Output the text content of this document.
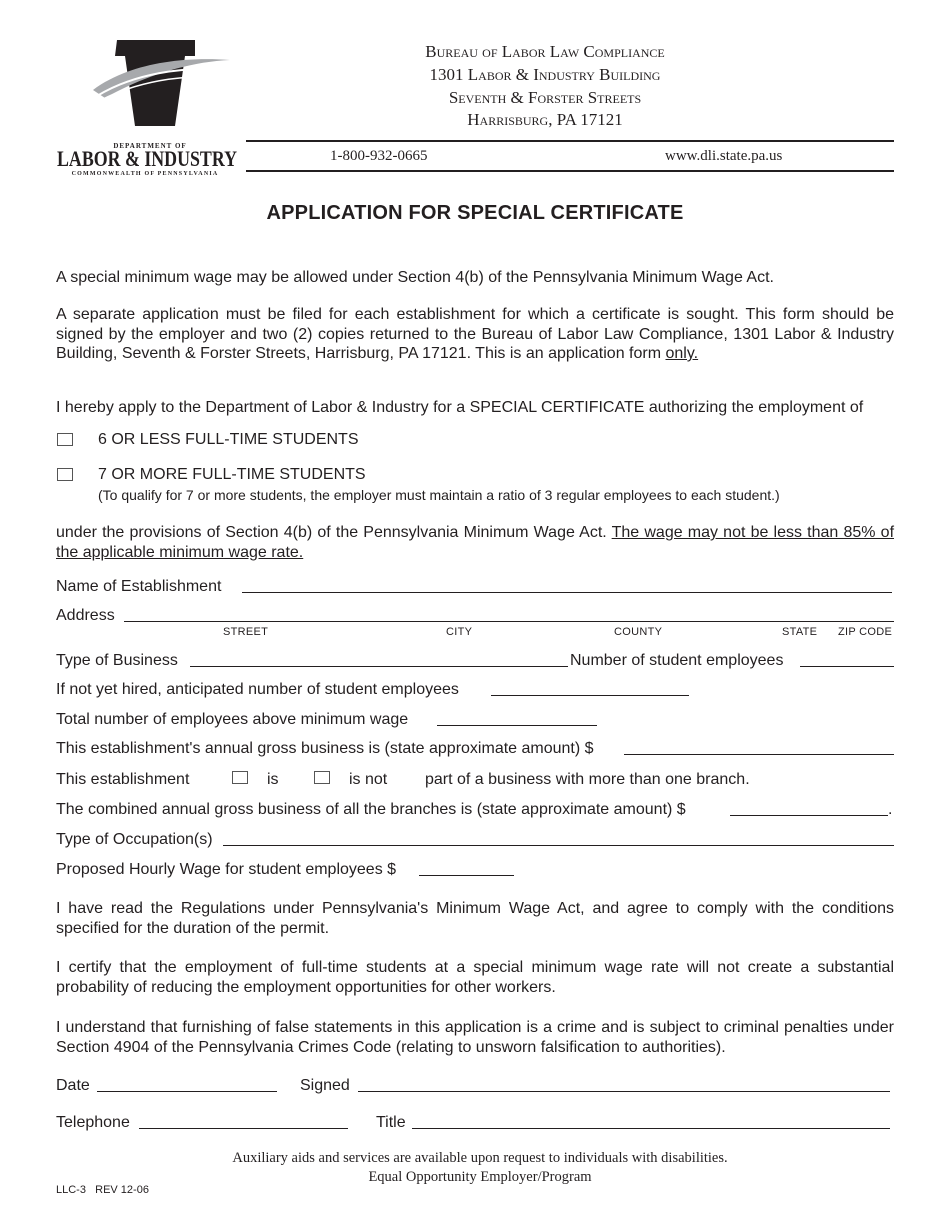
DEPARTMENT OF
LABOR & INDUSTRY
COMMONWEALTH OF PENNSYLVANIA
Bureau of Labor Law Compliance
1301 Labor & Industry Building
Seventh & Forster Streets
Harrisburg, PA 17121
1-800-932-0665	www.dli.state.pa.us
APPLICATION FOR SPECIAL CERTIFICATE

A special minimum wage may be allowed under Section 4(b) of the Pennsylvania Minimum Wage Act.

A separate application must be filed for each establishment for which a certificate is sought. This form should be signed by the employer and two (2) copies returned to the Bureau of Labor Law Compliance, 1301 Labor & Industry Building, Seventh & Forster Streets, Harrisburg, PA 17121. This is an application form only.

I hereby apply to the Department of Labor & Industry for a SPECIAL CERTIFICATE authorizing the employment of

6 OR LESS FULL-TIME STUDENTS
7 OR MORE FULL-TIME STUDENTS
(To qualify for 7 or more students, the employer must maintain a ratio of 3 regular employees to each student.)

under the provisions of Section 4(b) of the Pennsylvania Minimum Wage Act. The wage may not be less than 85% of the applicable minimum wage rate.

Name of Establishment
Address
STREET	CITY	COUNTY	STATE ZIP CODE
Type of Business	Number of student employees
If not yet hired, anticipated number of student employees
Total number of employees above minimum wage
This establishment's annual gross business is (state approximate amount) $
This establishment	is	is not part of a business with more than one branch.
The combined annual gross business of all the branches is (state approximate amount) $	.
Type of Occupation(s)
Proposed Hourly Wage for student employees $

I have read the Regulations under Pennsylvania's Minimum Wage Act, and agree to comply with the conditions specified for the duration of the permit.

I certify that the employment of full-time students at a special minimum wage rate will not create a substantial probability of reducing the employment opportunities for other workers.

I understand that furnishing of false statements in this application is a crime and is subject to criminal penalties under Section 4904 of the Pennsylvania Crimes Code (relating to unsworn falsification to authorities).

Date	Signed
Telephone	Title
Auxiliary aids and services are available upon request to individuals with disabilities.
Equal Opportunity Employer/Program
LLC-3   REV 12-06
